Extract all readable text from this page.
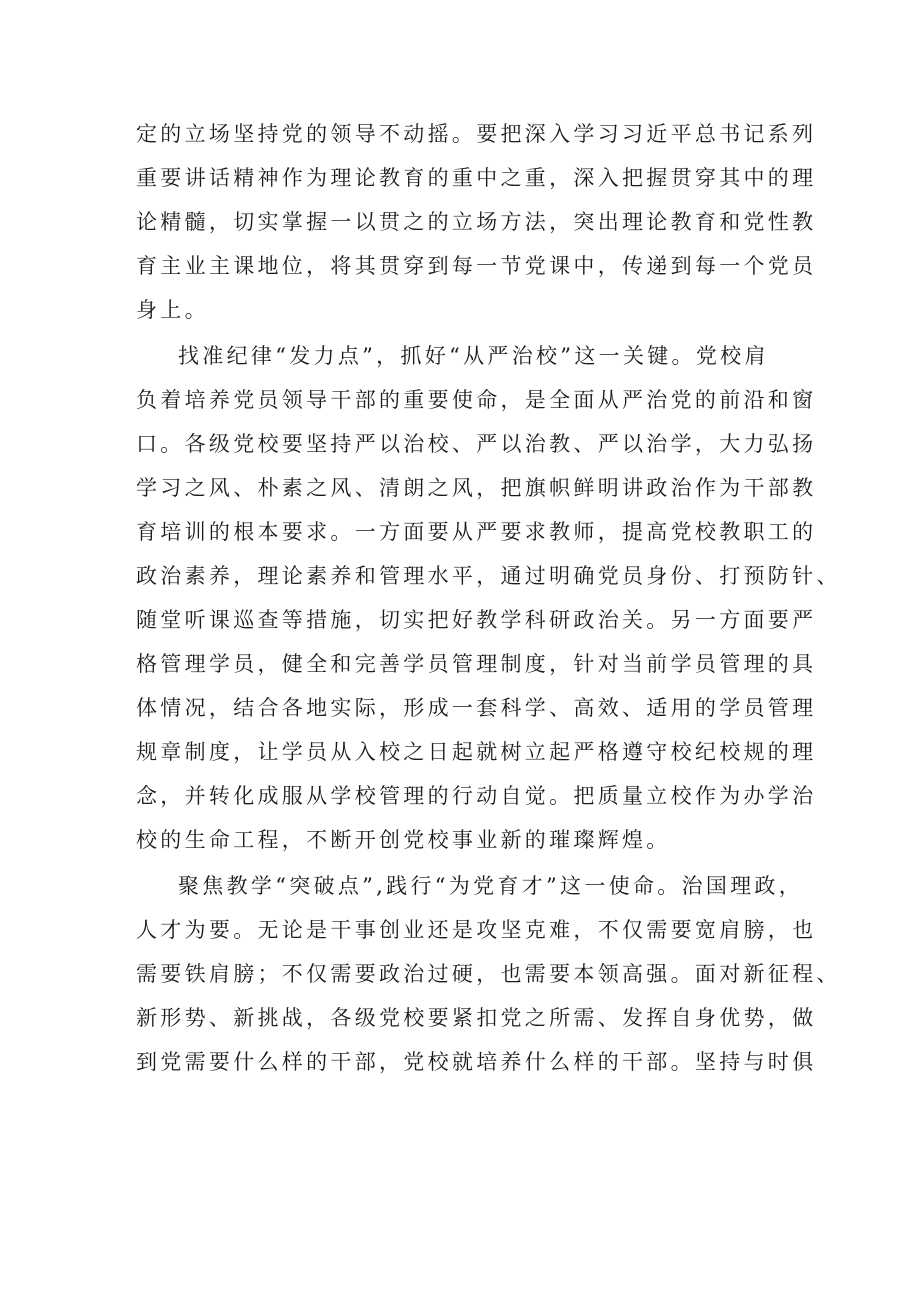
定的立场坚持党的领导不动摇。要把深入学习习近平总书记系列
重要讲话精神作为理论教育的重中之重，深入把握贯穿其中的理
论精髓，切实掌握一以贯之的立场方法，突出理论教育和党性教
育主业主课地位，将其贯穿到每一节党课中，传递到每一个党员
身上。
找准纪律“发力点”，抓好“从严治校”这一关键。党校肩
负着培养党员领导干部的重要使命，是全面从严治党的前沿和窗
口。各级党校要坚持严以治校、严以治教、严以治学，大力弘扬
学习之风、朴素之风、清朗之风，把旗帜鲜明讲政治作为干部教
育培训的根本要求。一方面要从严要求教师，提高党校教职工的
政治素养，理论素养和管理水平，通过明确党员身份、打预防针、
随堂听课巡查等措施，切实把好教学科研政治关。另一方面要严
格管理学员，健全和完善学员管理制度，针对当前学员管理的具
体情况，结合各地实际，形成一套科学、高效、适用的学员管理
规章制度，让学员从入校之日起就树立起严格遵守校纪校规的理
念，并转化成服从学校管理的行动自觉。把质量立校作为办学治
校的生命工程，不断开创党校事业新的璀璨辉煌。
聚焦教学“突破点”,践行“为党育才”这一使命。治国理政，
人才为要。无论是干事创业还是攻坚克难，不仅需要宽肩膀，也
需要铁肩膀；不仅需要政治过硬，也需要本领高强。面对新征程、
新形势、新挑战，各级党校要紧扣党之所需、发挥自身优势，做
到党需要什么样的干部，党校就培养什么样的干部。坚持与时俱
